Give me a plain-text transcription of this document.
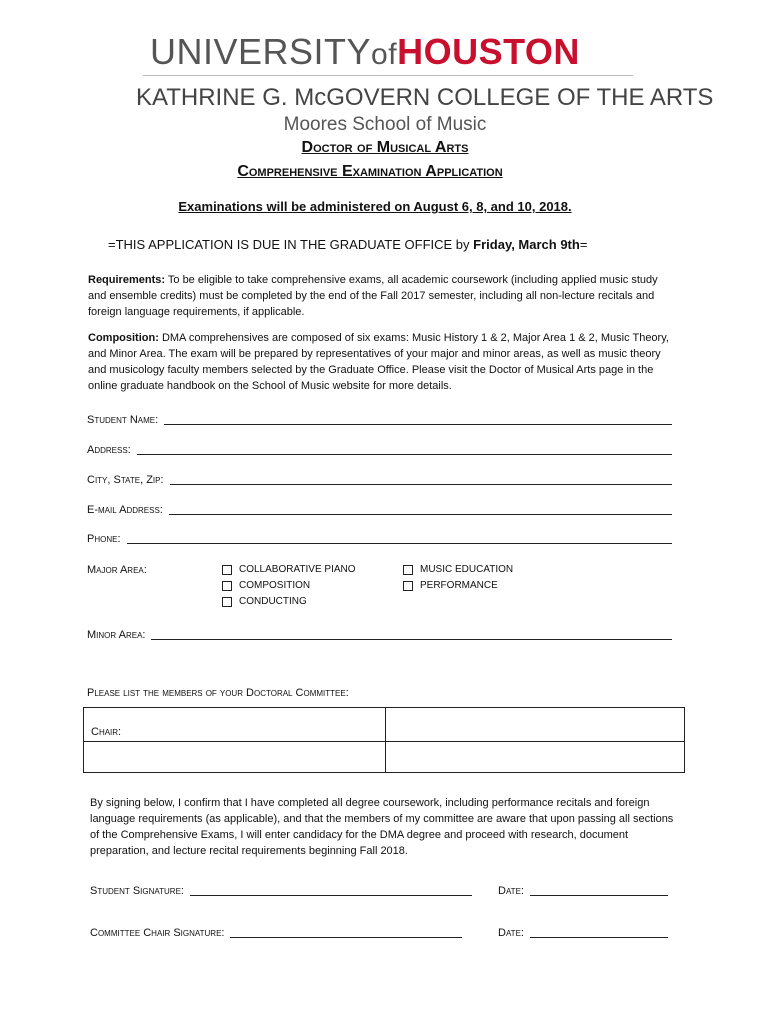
UNIVERSITYofHOUSTON
KATHRINE G. McGOVERN COLLEGE OF THE ARTS
Moores School of Music
Doctor of Musical Arts
Comprehensive Examination Application
Examinations will be administered on August 6, 8, and 10, 2018.
=THIS APPLICATION IS DUE IN THE GRADUATE OFFICE by Friday, March 9th=
Requirements: To be eligible to take comprehensive exams, all academic coursework (including applied music study and ensemble credits) must be completed by the end of the Fall 2017 semester, including all non-lecture recitals and foreign language requirements, if applicable.
Composition: DMA comprehensives are composed of six exams: Music History 1 & 2, Major Area 1 & 2, Music Theory, and Minor Area. The exam will be prepared by representatives of your major and minor areas, as well as music theory and musicology faculty members selected by the Graduate Office. Please visit the Doctor of Musical Arts page in the online graduate handbook on the School of Music website for more details.
Student Name:
Address:
City, State, Zip:
E-mail Address:
Phone:
Major Area:	COLLABORATIVE PIANO
COMPOSITION
CONDUCTING
MUSIC EDUCATION
PERFORMANCE
Minor Area:
Please list the members of your Doctoral Committee:
Chair:
By signing below, I confirm that I have completed all degree coursework, including performance recitals and foreign language requirements (as applicable), and that the members of my committee are aware that upon passing all sections of the Comprehensive Exams, I will enter candidacy for the DMA degree and proceed with research, document preparation, and lecture recital requirements beginning Fall 2018.
Student Signature:	Date:
Committee Chair Signature:	Date:
